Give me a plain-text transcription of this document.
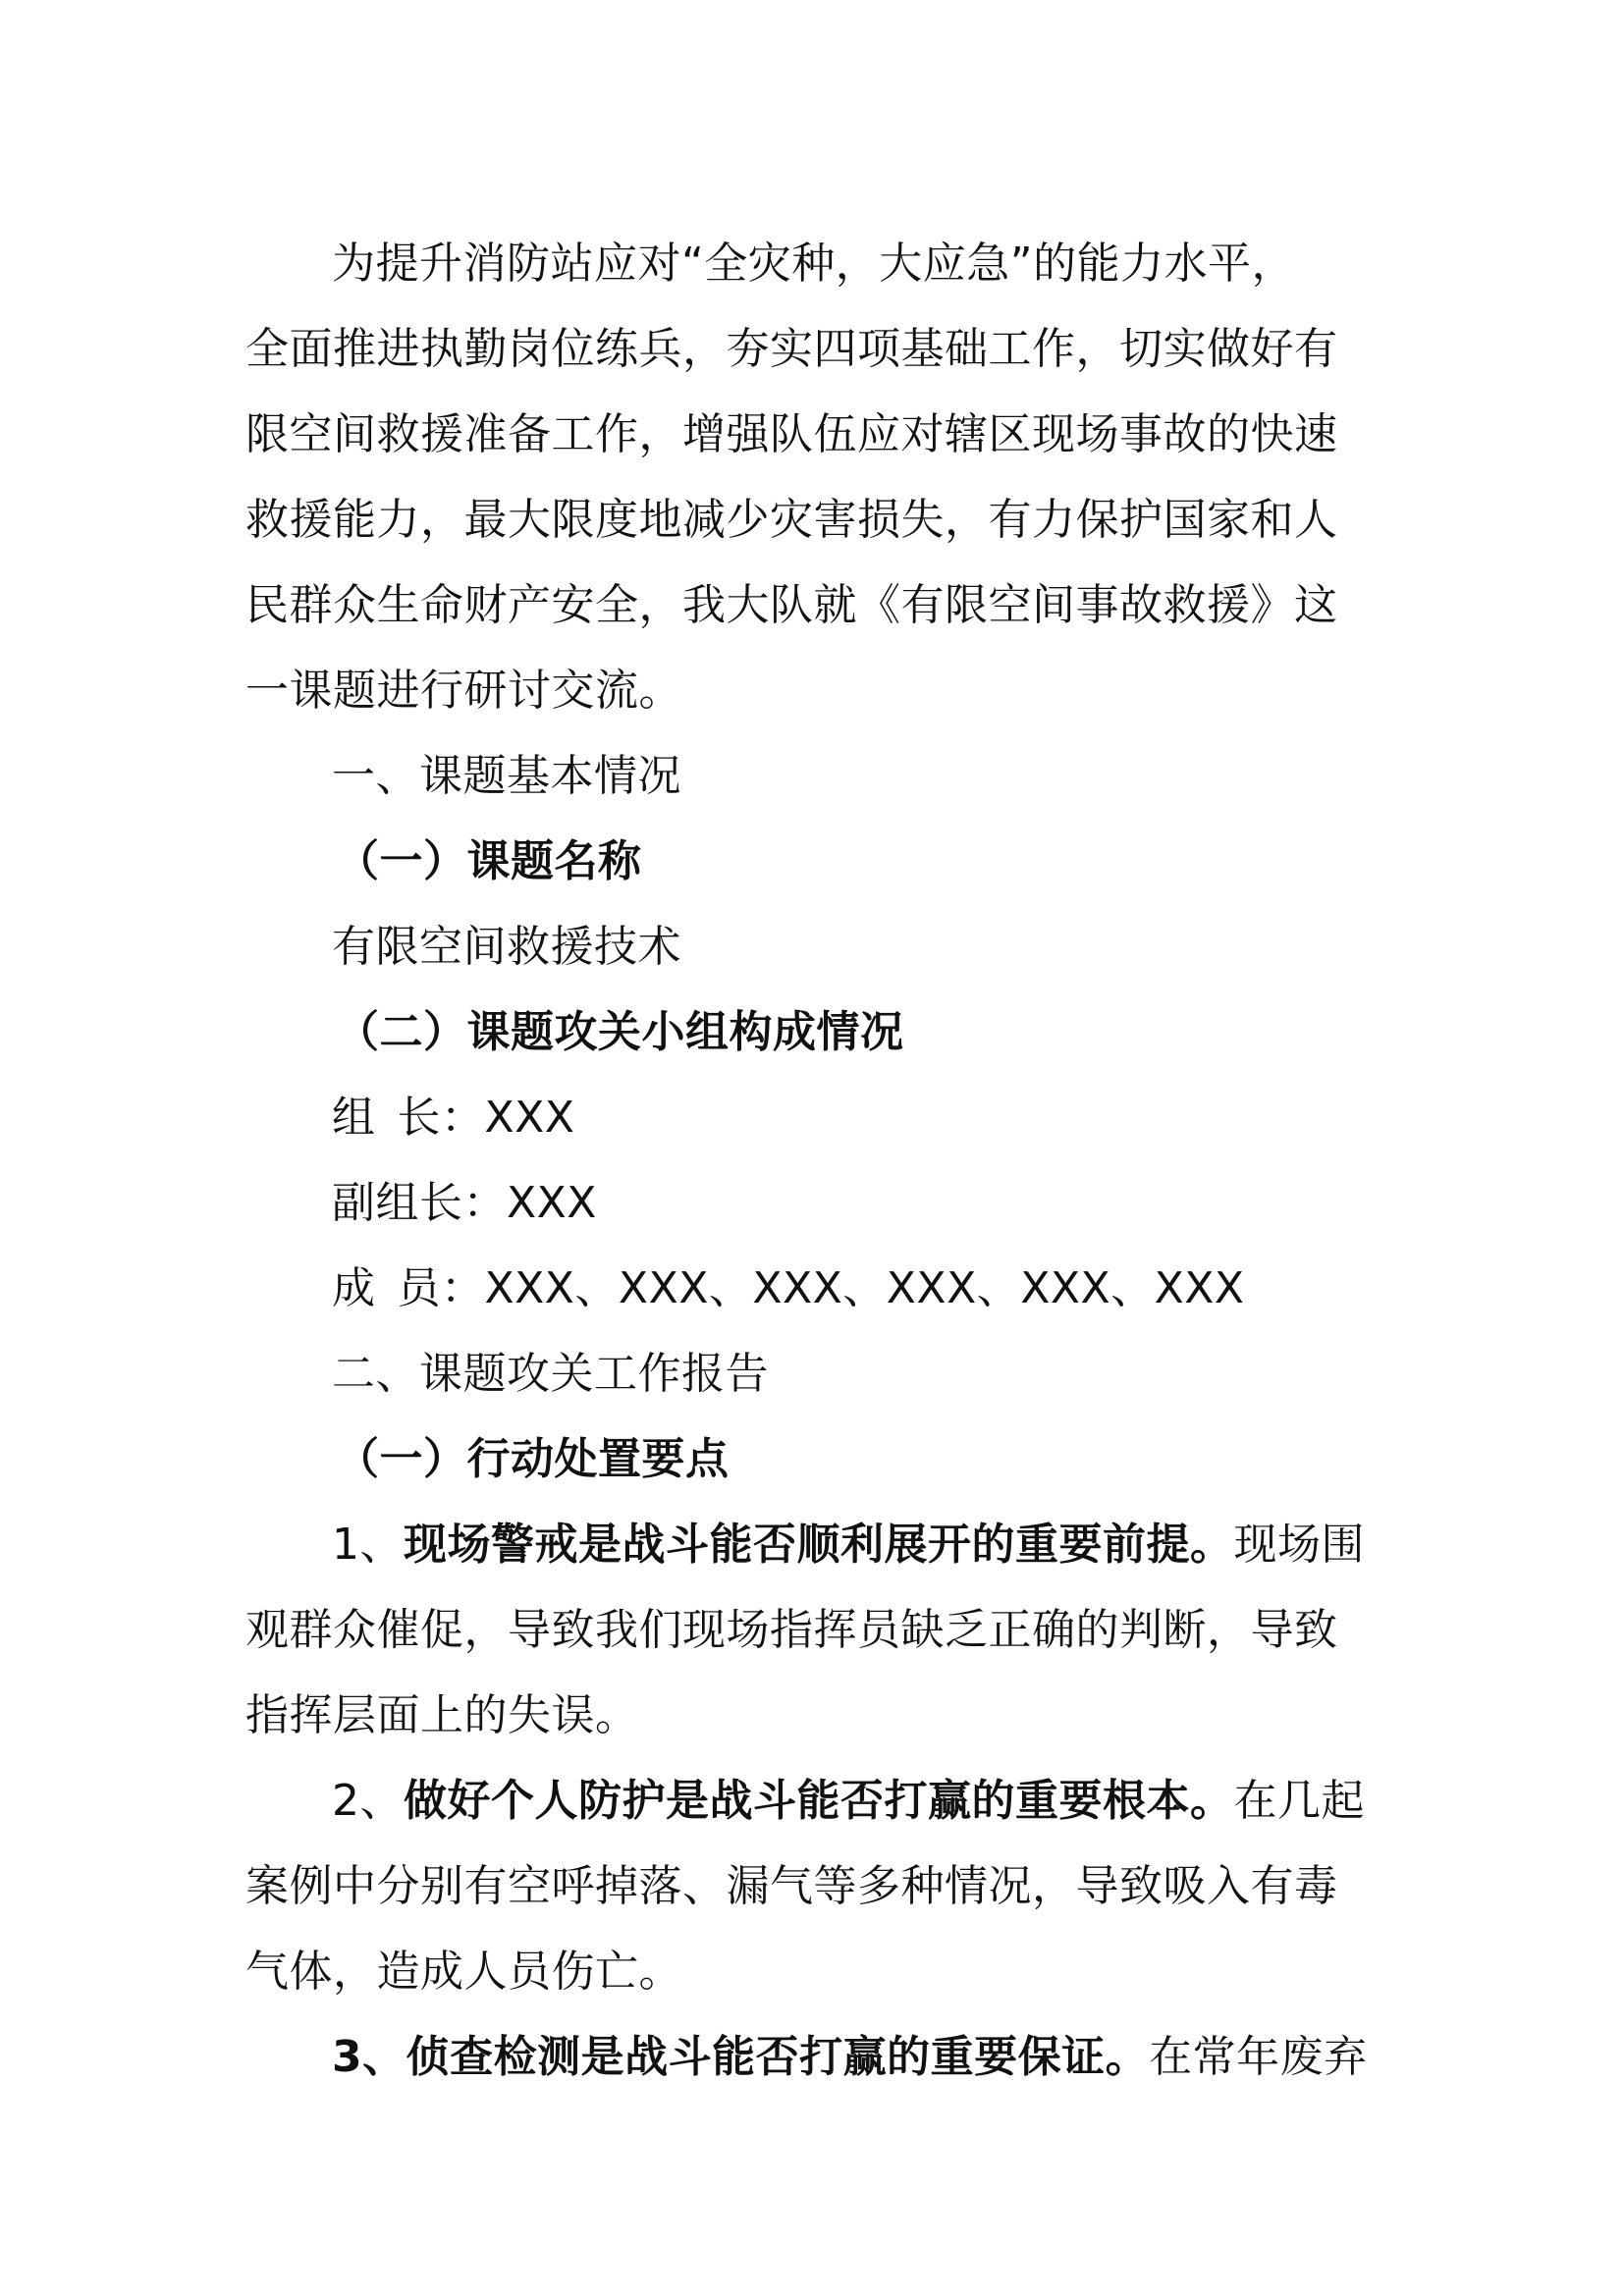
为提升消防站应对“全灾种，大应急”的能力水平，
全面推进执勤岗位练兵，夯实四项基础工作，切实做好有
限空间救援准备工作，增强队伍应对辖区现场事故的快速
救援能力，最大限度地减少灾害损失，有力保护国家和人
民群众生命财产安全，我大队就《有限空间事故救援》这
一课题进行研讨交流。
一、课题基本情况
（一）课题名称
有限空间救援技术
（二）课题攻关小组构成情况
组 长：XXX
副组长：XXX
成 员：XXX、XXX、XXX、XXX、XXX、XXX
二、课题攻关工作报告
（一）行动处置要点
1、现场警戒是战斗能否顺利展开的重要前提。现场围
观群众催促，导致我们现场指挥员缺乏正确的判断，导致
指挥层面上的失误。
2、做好个人防护是战斗能否打赢的重要根本。在几起
案例中分别有空呼掉落、漏气等多种情况，导致吸入有毒
气体，造成人员伤亡。
3、侦查检测是战斗能否打赢的重要保证。在常年废弃
